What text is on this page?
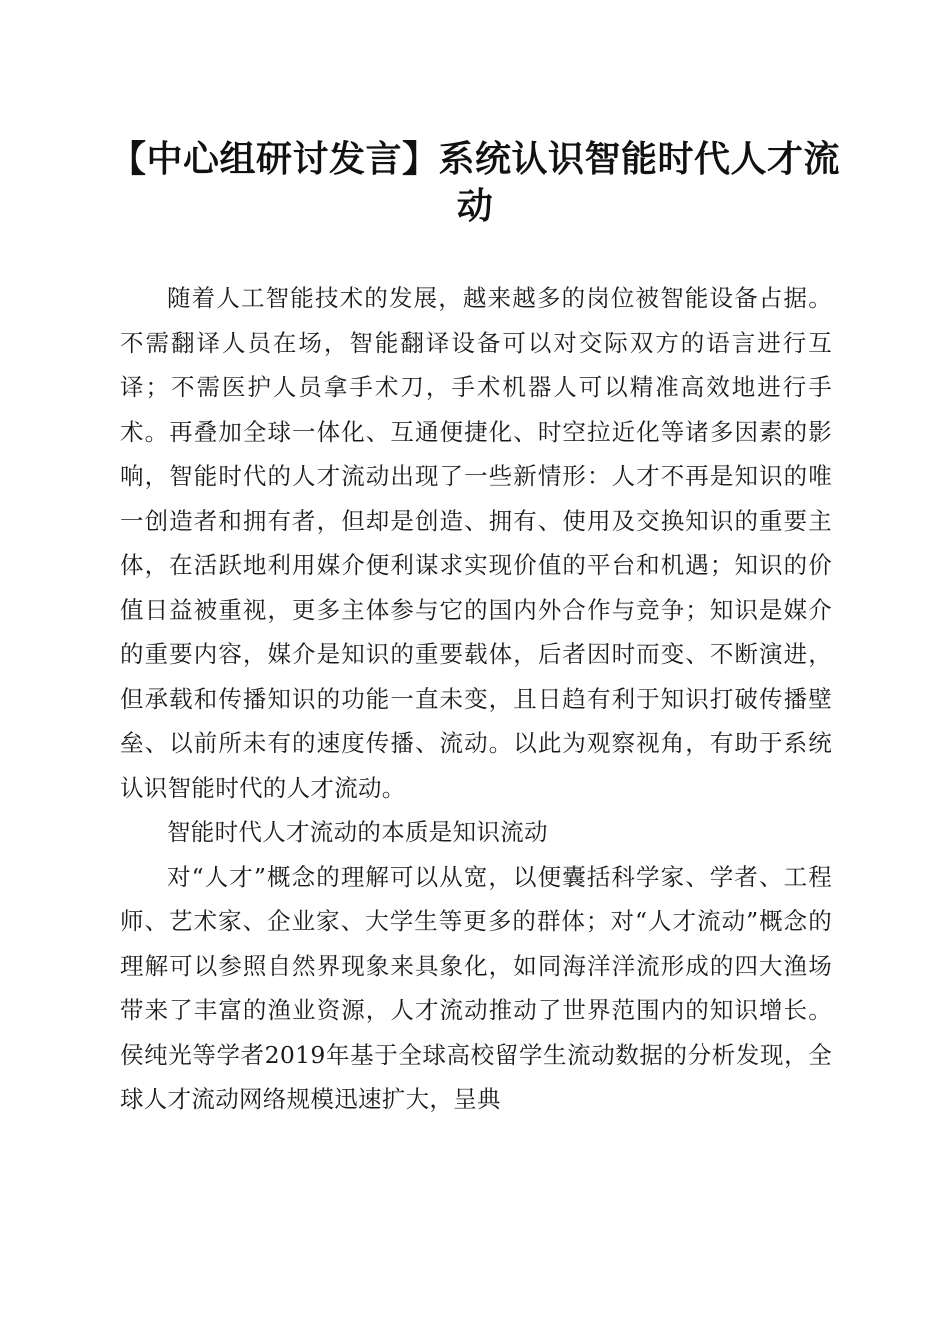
【中心组研讨发言】系统认识智能时代人才流动

随着人工智能技术的发展，越来越多的岗位被智能设备占据。不需翻译人员在场，智能翻译设备可以对交际双方的语言进行互译；不需医护人员拿手术刀，手术机器人可以精准高效地进行手术。再叠加全球一体化、互通便捷化、时空拉近化等诸多因素的影响，智能时代的人才流动出现了一些新情形：人才不再是知识的唯一创造者和拥有者，但却是创造、拥有、使用及交换知识的重要主体，在活跃地利用媒介便利谋求实现价值的平台和机遇；知识的价值日益被重视，更多主体参与它的国内外合作与竞争；知识是媒介的重要内容，媒介是知识的重要载体，后者因时而变、不断演进，但承载和传播知识的功能一直未变，且日趋有利于知识打破传播壁垒、以前所未有的速度传播、流动。以此为观察视角，有助于系统认识智能时代的人才流动。

智能时代人才流动的本质是知识流动

对“人才”概念的理解可以从宽，以便囊括科学家、学者、工程师、艺术家、企业家、大学生等更多的群体；对“人才流动”概念的理解可以参照自然界现象来具象化，如同海洋洋流形成的四大渔场带来了丰富的渔业资源，人才流动推动了世界范围内的知识增长。侯纯光等学者2019年基于全球高校留学生流动数据的分析发现，全球人才流动网络规模迅速扩大，呈典
